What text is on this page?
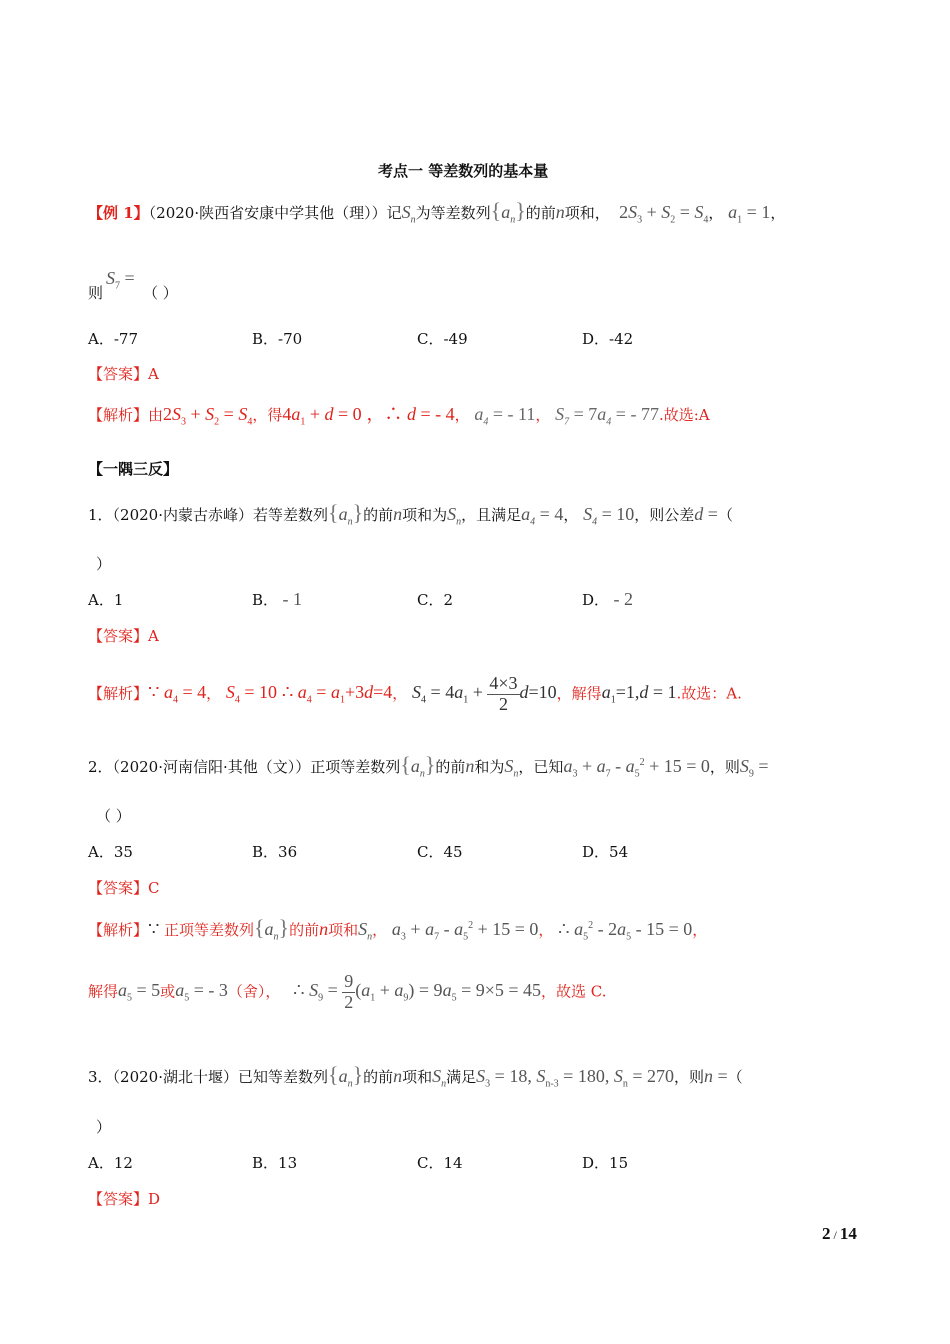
考点一 等差数列的基本量
【例 1】（2020·陕西省安康中学其他（理））记$S_n$为等差数列$\{a_n\}$的前n项和，  $2S_3 + S_2 = S_4$， $a_1 = 1$，
$S_7$ =
则	（ ）
A．-77	B．-70	C．-49	D．-42
【答案】A
【解析】由$2S_3 + S_2 = S_4$，得$4a_1 + d = 0$ ，∴ d = - 4， $a_4$ = - 11， $S_7 = 7a_4$ = - 77.故选:A
【一隅三反】
1．（2020·内蒙古赤峰）若等差数列$\{a_n\}$的前n项和为$S_n$，且满足$a_4 = 4$， $S_4 = 10$，则公差d =（
）
A．1	B． - 1	C．2	D． - 2
【答案】A
【解析】∵ $a_4 = 4$， $S_4 = 10$ ∴ $a_4 = a_1+3d=4$， $S_4 = 4a_1 + \frac{4\times 3}{2} d=10$，解得$a_1=1,d = 1$.故选：A.
2．（2020·河南信阳·其他（文））正项等差数列$\{a_n\}$的前n和为$S_n$，已知$a_3 + a_7 - a_5^2 + 15 = 0$，则$S_9$ =
（ ）
A．35	B．36	C．45	D．54
【答案】C
【解析】∵ 正项等差数列$\{a_n\}$的前n项和$S_n$， $a_3 + a_7 - a_5^2 + 15 = 0$， ∴ $a_5^2 - 2a_5 - 15 = 0$，
解得$a_5 = 5$或$a_5$ = - 3（舍）， ∴ $S_9 = \frac{9}{2} (a_1 + a_9) = 9a_5 = 9\times 5 = 45$，故选 C.
3．（2020·湖北十堰）已知等差数列$\{a_n\}$的前n项和$S_n$满足$S_3 = 18$, $S_{n-3} = 180$, $S_n = 270$，则n =（
）
A．12	B．13	C．14	D．15
【答案】D
2 / 14
